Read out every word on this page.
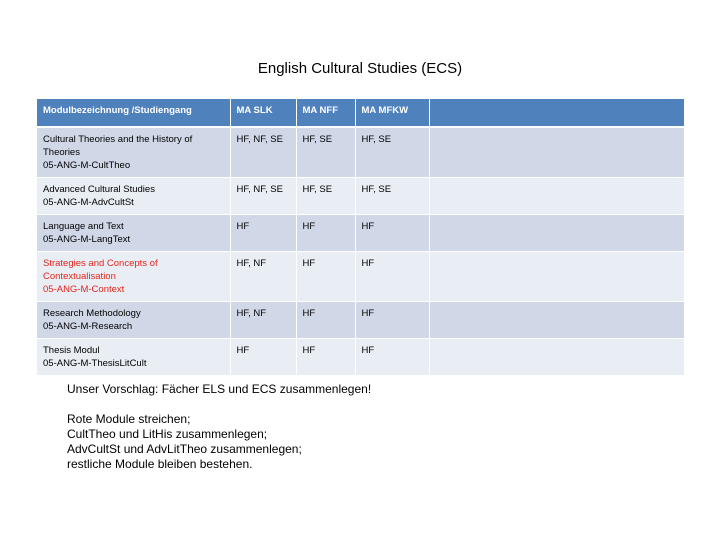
English Cultural Studies (ECS)
Modulbezeichnung /Studiengang	MA SLK	MA NFF	MA MFKW	

Cultural Theories and the History of Theories
05-ANG-M-CultTheo	HF, NF, SE	HF, SE	HF, SE	

Advanced Cultural Studies
05-ANG-M-AdvCultSt	HF, NF, SE	HF, SE	HF, SE	

Language and Text
05-ANG-M-LangText	HF	HF	HF	

Strategies and Concepts of Contextualisation
05-ANG-M-Context	HF, NF	HF	HF	

Research Methodology
05-ANG-M-Research	HF, NF	HF	HF	

Thesis Modul
05-ANG-M-ThesisLitCult	HF	HF	HF	
Unser Vorschlag: Fächer ELS und ECS zusammenlegen!
Rote Module streichen;
CultTheo und LitHis zusammenlegen;
AdvCultSt und AdvLitTheo zusammenlegen;
restliche Module bleiben bestehen.
